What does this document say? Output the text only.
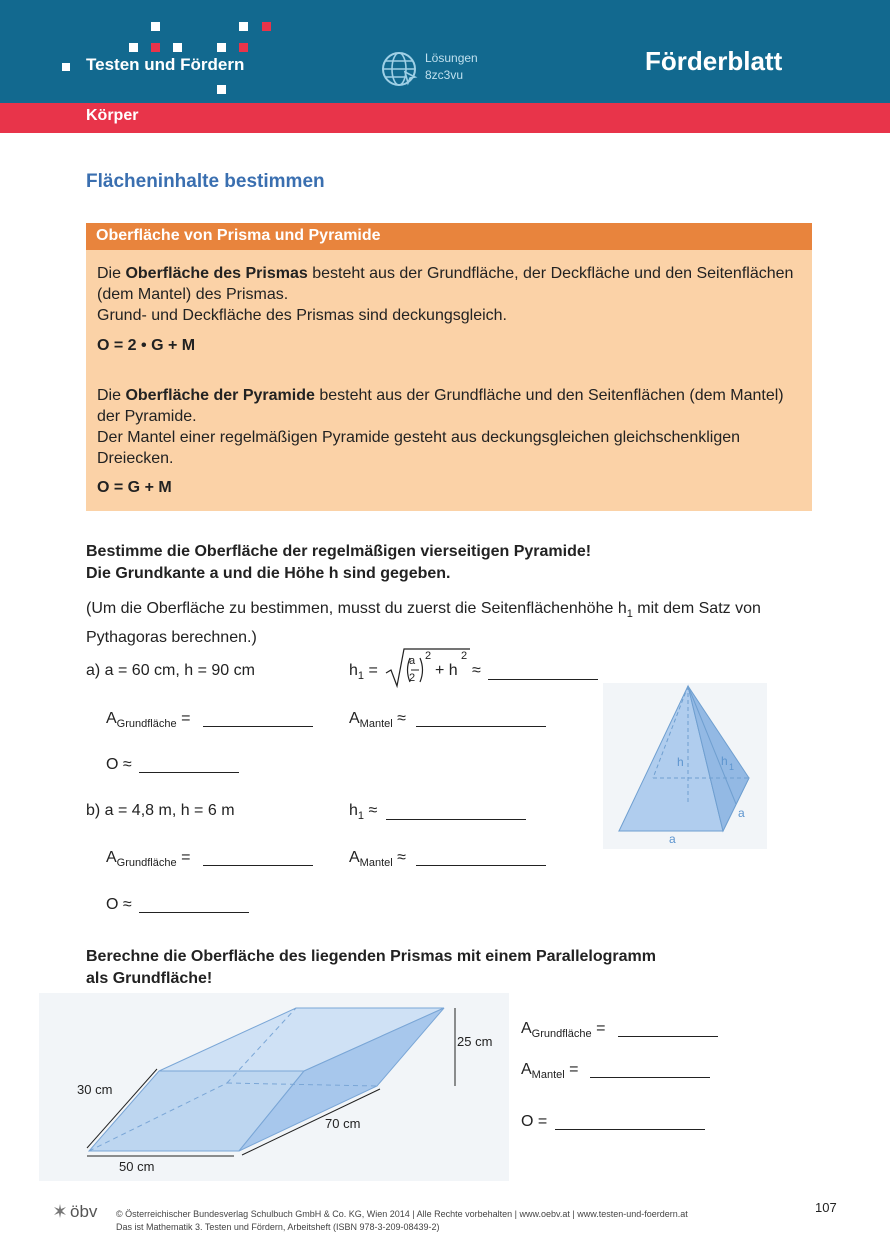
Testen und Fördern	Lösungen
8zc3vu	Förderblatt
Körper
Flächeninhalte bestimmen
Oberfläche von Prisma und Pyramide
Die Oberfläche des Prismas besteht aus der Grundfläche, der Deckfläche und den Seitenflächen (dem Mantel) des Prismas.
Grund- und Deckfläche des Prismas sind deckungsgleich.
O = 2 • G + M
Die Oberfläche der Pyramide besteht aus der Grundfläche und den Seitenflächen (dem Mantel) der Pyramide.
Der Mantel einer regelmäßigen Pyramide gesteht aus deckungsgleichen gleichschenkligen Dreiecken.
O = G + M
Bestimme die Oberfläche der regelmäßigen vierseitigen Pyramide!
Die Grundkante a und die Höhe h sind gegeben.
(Um die Oberfläche zu bestimmen, musst du zuerst die Seitenflächenhöhe $h_1$ mit dem Satz von Pythagoras berechnen.)
a) a = 60 cm, h = 90 cm	$h_1$ =
a
2
2
+ h
2
≈
$A_{Grundfläche}$ =	$A_{Mantel}$ ≈
O ≈
b) a = 4,8 m, h = 6 m	$h_1$ ≈
$A_{Grundfläche}$ =	$A_{Mantel}$ ≈
O ≈
h	h 1
a
a
Berechne die Oberfläche des liegenden Prismas mit einem Parallelogramm
als Grundfläche!
30 cm
50 cm
70 cm
25 cm
$A_{Grundfläche}$ =
$A_{Mantel}$ =
O =
öbv © Österreichischer Bundesverlag Schulbuch GmbH & Co. KG, Wien 2014 | Alle Rechte vorbehalten | www.oebv.at | www.testen-und-foerdern.at
Das ist Mathematik 3. Testen und Fördern, Arbeitsheft (ISBN 978-3-209-08439-2)
107
